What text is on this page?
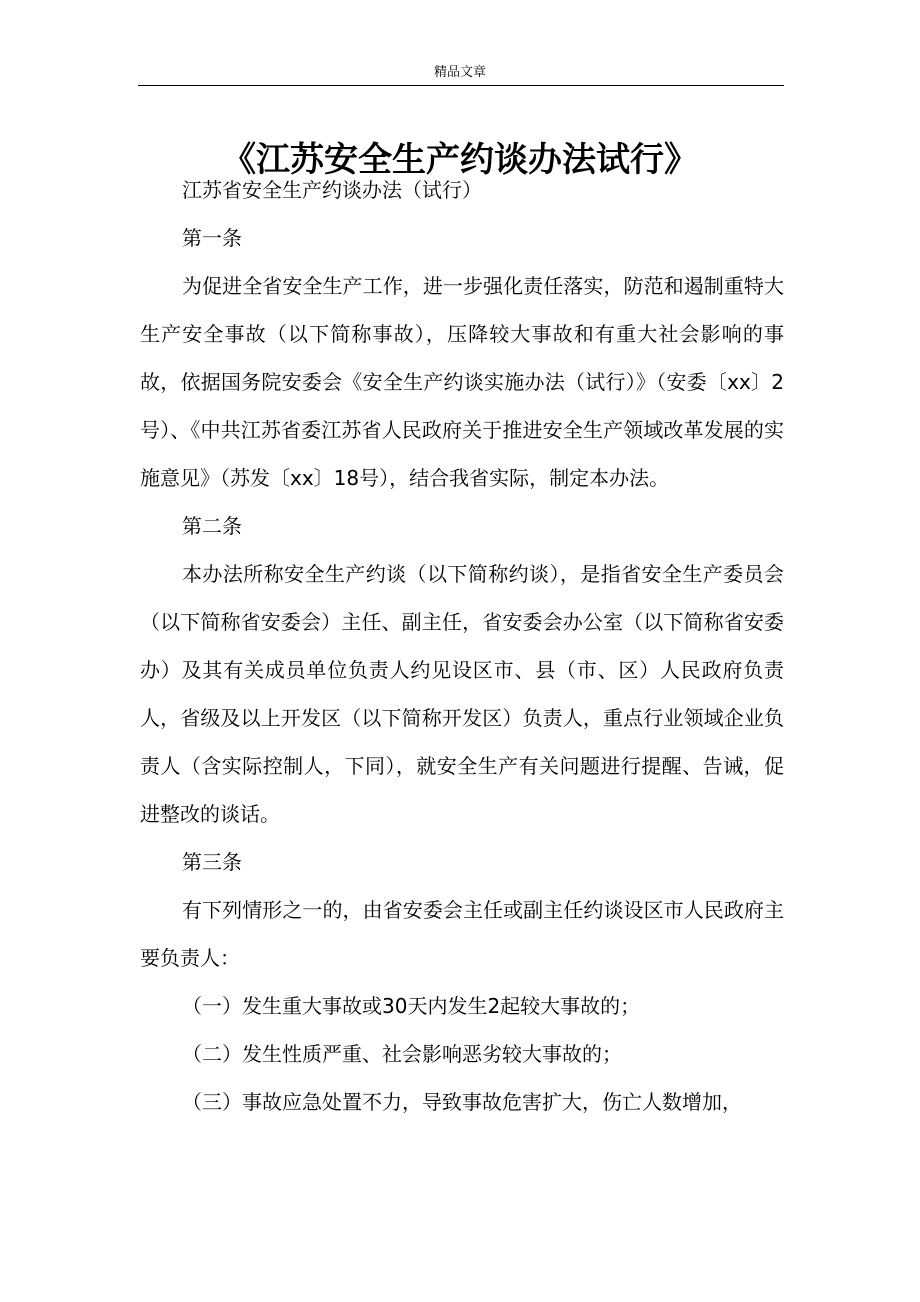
精品文章
《江苏安全生产约谈办法试行》

江苏省安全生产约谈办法（试行）

第一条

为促进全省安全生产工作，进一步强化责任落实，防范和遏制重特大生产安全事故（以下简称事故），压降较大事故和有重大社会影响的事故，依据国务院安委会《安全生产约谈实施办法（试行）》（安委〔xx〕2号）、《中共江苏省委江苏省人民政府关于推进安全生产领域改革发展的实施意见》（苏发〔xx〕18号），结合我省实际，制定本办法。

第二条

本办法所称安全生产约谈（以下简称约谈），是指省安全生产委员会（以下简称省安委会）主任、副主任，省安委会办公室（以下简称省安委办）及其有关成员单位负责人约见设区市、县（市、区）人民政府负责人，省级及以上开发区（以下简称开发区）负责人，重点行业领域企业负责人（含实际控制人，下同），就安全生产有关问题进行提醒、告诫，促进整改的谈话。

第三条

有下列情形之一的，由省安委会主任或副主任约谈设区市人民政府主要负责人：

（一）发生重大事故或30天内发生2起较大事故的；

（二）发生性质严重、社会影响恶劣较大事故的；

（三）事故应急处置不力，导致事故危害扩大，伤亡人数增加，
